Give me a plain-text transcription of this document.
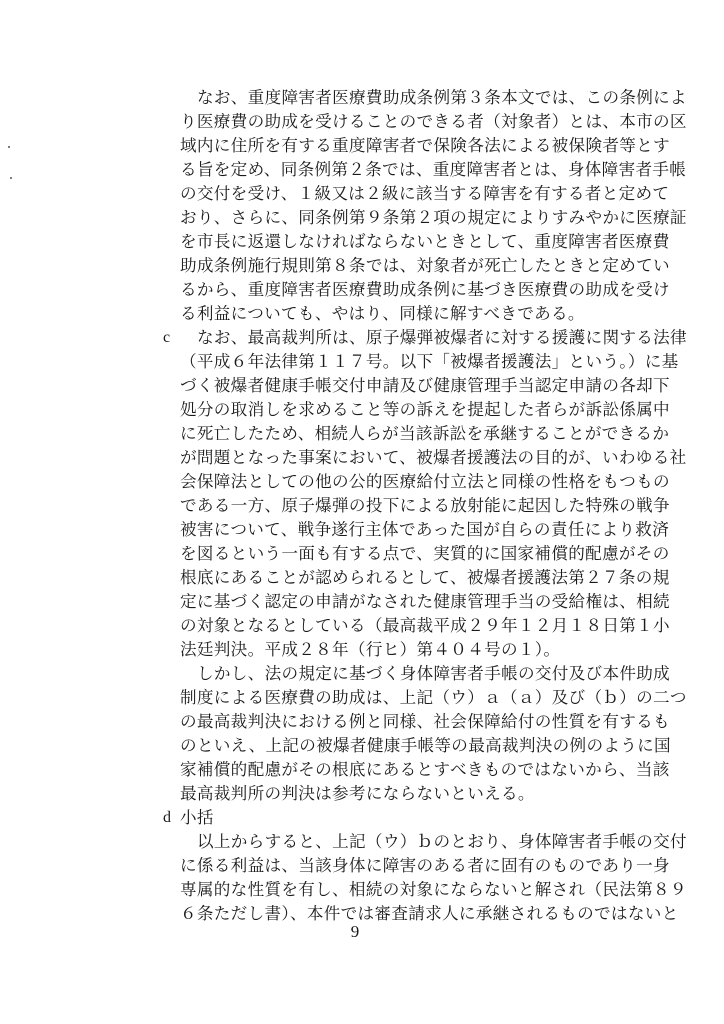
なお、重度障害者医療費助成条例第３条本文では、この条例によ
り医療費の助成を受けることのできる者（対象者）とは、本市の区
域内に住所を有する重度障害者で保険各法による被保険者等とす
る旨を定め、同条例第２条では、重度障害者とは、身体障害者手帳
の交付を受け、１級又は２級に該当する障害を有する者と定めて
おり、さらに、同条例第９条第２項の規定によりすみやかに医療証
を市長に返還しなければならないときとして、重度障害者医療費
助成条例施行規則第８条では、対象者が死亡したときと定めてい
るから、重度障害者医療費助成条例に基づき医療費の助成を受け
る利益についても、やはり、同様に解すべきである。
c	なお、最高裁判所は、原子爆弾被爆者に対する援護に関する法律
（平成６年法律第１１７号。以下「被爆者援護法」という。）に基
づく被爆者健康手帳交付申請及び健康管理手当認定申請の各却下
処分の取消しを求めること等の訴えを提起した者らが訴訟係属中
に死亡したため、相続人らが当該訴訟を承継することができるか
が問題となった事案において、被爆者援護法の目的が、いわゆる社
会保障法としての他の公的医療給付立法と同様の性格をもつもの
である一方、原子爆弾の投下による放射能に起因した特殊の戦争
被害について、戦争遂行主体であった国が自らの責任により救済
を図るという一面も有する点で、実質的に国家補償的配慮がその
根底にあることが認められるとして、被爆者援護法第２７条の規
定に基づく認定の申請がなされた健康管理手当の受給権は、相続
の対象となるとしている（最高裁平成２９年１２月１８日第１小
法廷判決。平成２８年（行ヒ）第４０４号の１）。
しかし、法の規定に基づく身体障害者手帳の交付及び本件助成
制度による医療費の助成は、上記（ウ）ａ（ａ）及び（ｂ）の二つ
の最高裁判決における例と同様、社会保障給付の性質を有するも
のといえ、上記の被爆者健康手帳等の最高裁判決の例のように国
家補償的配慮がその根底にあるとすべきものではないから、当該
最高裁判所の判決は参考にならないといえる。
d 小括
以上からすると、上記（ウ）ｂのとおり、身体障害者手帳の交付
に係る利益は、当該身体に障害のある者に固有のものであり一身
専属的な性質を有し、相続の対象にならないと解され（民法第８９
６条ただし書）、本件では審査請求人に承継されるものではないと
9
